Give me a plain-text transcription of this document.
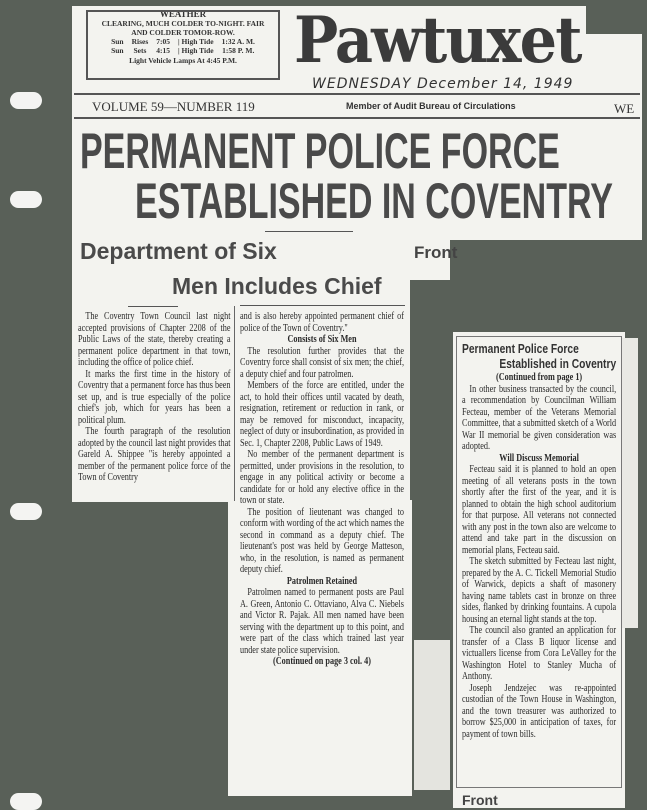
WEATHER
CLEARING, MUCH COLDER TO-NIGHT. FAIR AND COLDER TOMOR-ROW.
Sun	Rises	7:05	| High Tide	1:32 A. M.
Sun	Sets	4:15	| High Tide	1:58 P. M.
Light Vehicle Lamps At 4:45 P.M. Pawtuxet
WEDNESDAY December 14, 1949
VOLUME 59—NUMBER 119	Member of Audit Bureau of Circulations	WE
PERMANENT POLICE FORCE
ESTABLISHED IN COVENTRY
Department of Six
Men Includes Chief
Front
Front

The Coventry Town Council last night accepted provisions of Chapter 2208 of the Public Laws of the state, thereby creating a permanent police department in that town, including the office of police chief.

It marks the first time in the history of Coventry that a permanent force has thus been set up, and is true especially of the police chief's job, which for years has been a political plum.

The fourth paragraph of the resolution adopted by the council last night provides that Gareld A. Shippee "is hereby appointed a member of the permanent police force of the Town of Coventry

and is also hereby appointed permanent chief of police of the Town of Coventry."

Consists of Six Men

The resolution further provides that the Coventry force shall consist of six men; the chief, a deputy chief and four patrolmen.

Members of the force are entitled, under the act, to hold their offices until vacated by death, resignation, retirement or reduction in rank, or may be removed for misconduct, incapacity, neglect of duty or insubordination, as provided in Sec. 1, Chapter 2208, Public Laws of 1949.

No member of the permanent department is permitted, under provisions in the resolution, to engage in any political activity or become a candidate for or hold any elective office in the town or state.

The position of lieutenant was changed to conform with wording of the act which names the second in command as a deputy chief. The lieutenant's post was held by George Matteson, who, in the resolution, is named as permanent deputy chief.

Patrolmen Retained

Patrolmen named to permanent posts are Paul A. Green, Antonio C. Ottaviano, Alva C. Niebels and Victor R. Pajak. All men named have been serving with the department up to this point, and were part of the class which trained last year under state police supervision.

(Continued on page 3 col. 4)

Permanent Police Force
Established in Coventry

(Continued from page 1)

In other business transacted by the council, a recommendation by Councilman William Fecteau, member of the Veterans Memorial Committee, that a submitted sketch of a World War II memorial be given consideration was adopted.

Will Discuss Memorial

Fecteau said it is planned to hold an open meeting of all veterans posts in the town shortly after the first of the year, and it is planned to obtain the high school auditorium for that purpose. All veterans not connected with any post in the town also are welcome to attend and take part in the discussion on memorial plans, Fecteau said.

The sketch submitted by Fecteau last night, prepared by the A. C. Tickell Memorial Studio of Warwick, depicts a shaft of masonery having name tablets cast in bronze on three sides, flanked by drinking fountains. A cupola housing an eternal light stands at the top.

The council also granted an application for transfer of a Class B liquor license and victuallers license from Cora LeValley for the Washington Hotel to Stanley Mucha of Anthony.

Joseph Jendzejec was re-appointed custodian of the Town House in Washington, and the town treasurer was authorized to borrow $25,000 in anticipation of taxes, for payment of town bills.
